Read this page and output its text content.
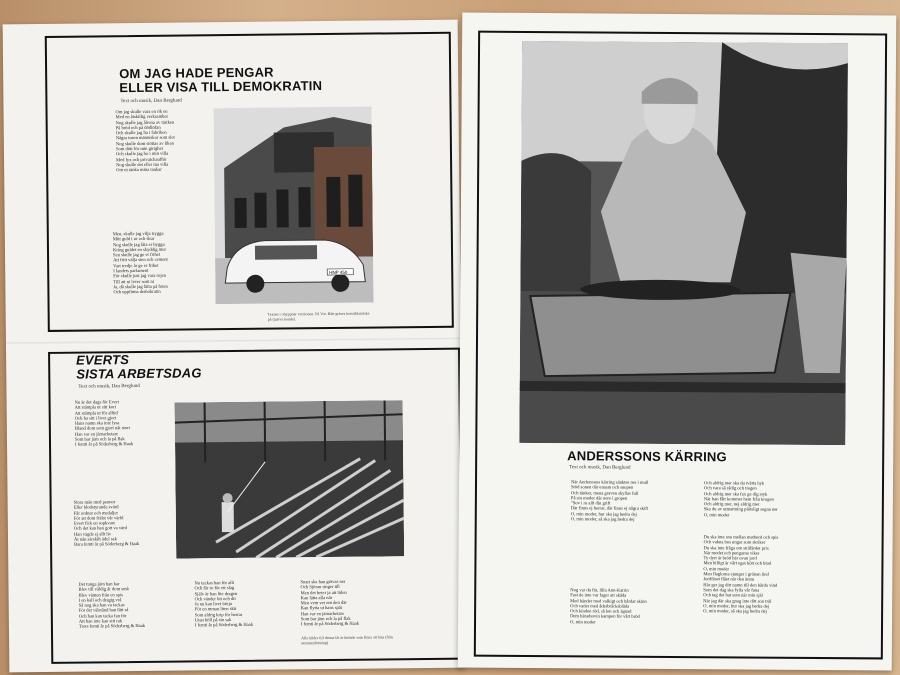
OM JAG HADE PENGAR
ELLER VISA TILL DEMOKRATIN
Text och musik, Dan Berglund
Om jag skulle vara en rik en
Med en åtskillig verksamhet
Nog skulle jag ålrena av tärtken
På bröd och på dödlöfan
Och skulle jag ha i fabriken
Några tusen människor som slet
Nog skulle dom stöttas av liken
Som dött för min girighet
Och skulle jag bo i min villa
Med lyx och privatchaufför
Nog skulle det eller ma villa
Om ni tänka mina tankar
Men, skulle jag vilja trygga
Mitt guld i ur och skur
Nog skulle jag låta er bygga
Kring guldet en skyddig mur
Sen skulle jag ge er frihet
Att fritt välja sten och cement
Vart tredje år ge er frihet
I landets parlament
För skulle just jag vara rojen
Till att ni lever som ni
Ja, då skulle jag lätta på foten
Och uppfinna demokratin
HNP 450
Texten i ohyppnar versionen. På Vor. Rätt gräses konstklassiska på tjusiva kondel.
EVERTS
SISTA ARBETSDAG
Text och musik, Dan Berglund
Nu är det dags för Evert
Att stämpla ut sitt kort
Att stämpla ut för alltid
Och ha sitt i livet gjort
Hans namn ska inte lysa
Bland dom som gjort nåt stort
Han var en järnarbetare
Som bar järn och la på flak
I femti år på Söderberg & Haak
Stora män med pennor
Eller blodstyrande svärd
Får ordnar och medaljer
För att dom frälst vår värld
Evert fick en sopkvast
Och det kan han gott va värd
Han vägde ej allt liv
Åt nån särskilt ädel sak
Bara femti år på Söderberg & Haak
Det tunga järn han bar
Blev till väldig år dom små
Blev vämen frän en spis
I en kall och dragig vrå
Så nog ska han va tackas
För det välstånd han fått så
Och han kan tacka fan för
Att han inte kan sitt rak
Trots femti år på Söderberg & Haak
Nu tackas han för allt
Och får ro för ett slag
Själv är han lite dragen
Och vänder bit och dit
Ja nu kan livet börja
För en mman liten skit
Som aldrig krip för herrar
Utan höll på sin sak
I femti år på Söderberg & Haak
Snart ska han grävas ner
Och Sjöran ringer till
Men det heter ja att tiden
Kan lätta alla när
Men vem vet om den där
Kan flytta ut hans spår
Han var en järnarbetare
Som bar järn och la på flak
I femti år på Söderberg & Haak
Alla bilder till denna låt är hittade som finns att läsa (från sammanfattning)
ANDERSSONS KÄRRING
Text och musik, Dan Berglund
När Anderssons kärring sänktes ner i mull
Stöd sonen där ensam och snopen
Och tänker, mena graven skyllas full
På sin moder där nere i gropen
"Sov i ro allt din grift
Där finns ej herrar, där finns ej några skift
O, min moder, hur ska jag hedra dej
O, min moder, så ska jag hedra dej
Nog var du fin, lilla Ann-Katrin
Fast de inte var fager att skåda
Med händer med valkigt och hårdat skinn
Och vader med åderbråcksblåda
Och kinden röd, så len och ägnad
Dem häradssvin kampen för vårt bröd
O, min moder
Och aldrig mer ska du tvätta byk
Och vara så rådig och tregen
Och aldrig mer ska fax ge dig styk
När han fått kommer hem från krogen
Och aldrig mer, nej aldrig mer
Ska du av utmattning plötsligt segna ner
O, min moder
Du ska inte sno mellan matbord och spis
Och vakna bos ungar som skriker
Du ska inte fråga om stråfärdet pris
När modet och pengarna viker
Ty dyrt är bröd här ovan jord
Men billigt är vårt eget kött och blod
O, min moder
Men flaglorna sjunger i grönan lind
Jordfäset flået när den ännu
Här ger jag ditt namn till den hårda vind
Som det dag ska fylla vår fana
Och tag det hat som när min själ
När jag där ska gnag inte ditt son träl
O, min moder, hur ska jag hedra dej
O, min moder, så ska jag hedra dej
